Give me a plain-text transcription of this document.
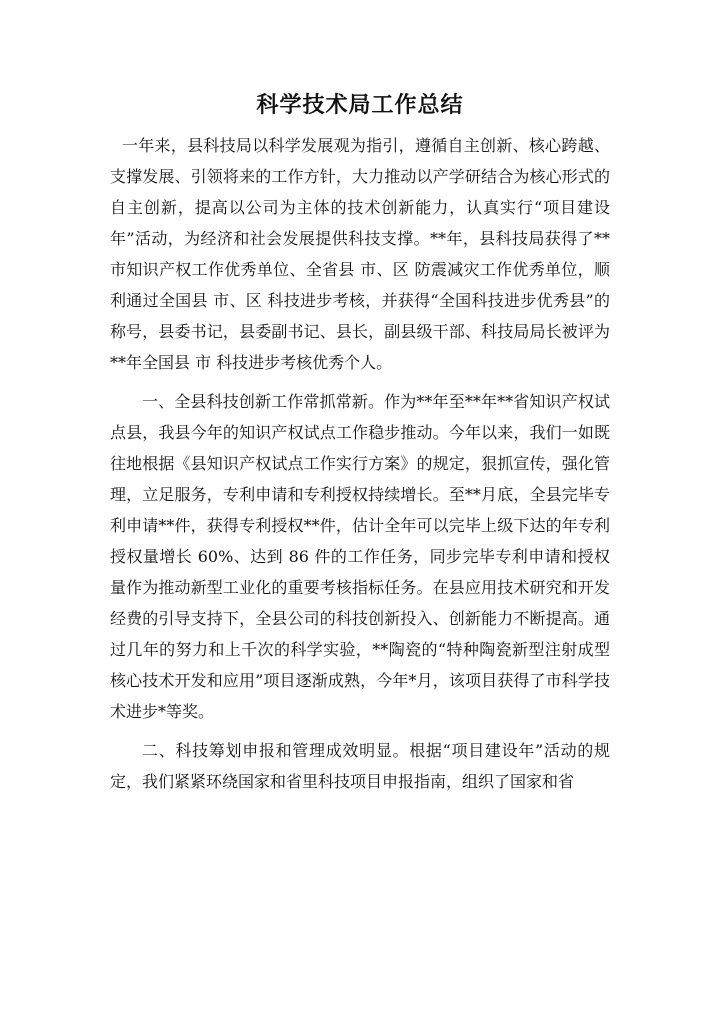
科学技术局工作总结

一年来，县科技局以科学发展观为指引，遵循自主创新、核心跨越、支撑发展、引领将来的工作方针，大力推动以产学研结合为核心形式的自主创新，提高以公司为主体的技术创新能力，认真实行“项目建设年”活动，为经济和社会发展提供科技支撑。**年，县科技局获得了**市知识产权工作优秀单位、全省县 市、区 防震减灾工作优秀单位，顺利通过全国县 市、区 科技进步考核，并获得“全国科技进步优秀县”的称号，县委书记，县委副书记、县长，副县级干部、科技局局长被评为**年全国县 市 科技进步考核优秀个人。

一、全县科技创新工作常抓常新。作为**年至**年**省知识产权试点县，我县今年的知识产权试点工作稳步推动。今年以来，我们一如既往地根据《县知识产权试点工作实行方案》的规定，狠抓宣传，强化管理，立足服务，专利申请和专利授权持续增长。至**月底，全县完毕专利申请**件，获得专利授权**件，估计全年可以完毕上级下达的年专利授权量增长 60%、达到 86 件的工作任务，同步完毕专利申请和授权量作为推动新型工业化的重要考核指标任务。在县应用技术研究和开发经费的引导支持下，全县公司的科技创新投入、创新能力不断提高。通过几年的努力和上千次的科学实验，**陶瓷的“特种陶瓷新型注射成型核心技术开发和应用”项目逐渐成熟，今年*月，该项目获得了市科学技术进步*等奖。

二、科技筹划申报和管理成效明显。根据“项目建设年”活动的规定，我们紧紧环绕国家和省里科技项目申报指南，组织了国家和省
